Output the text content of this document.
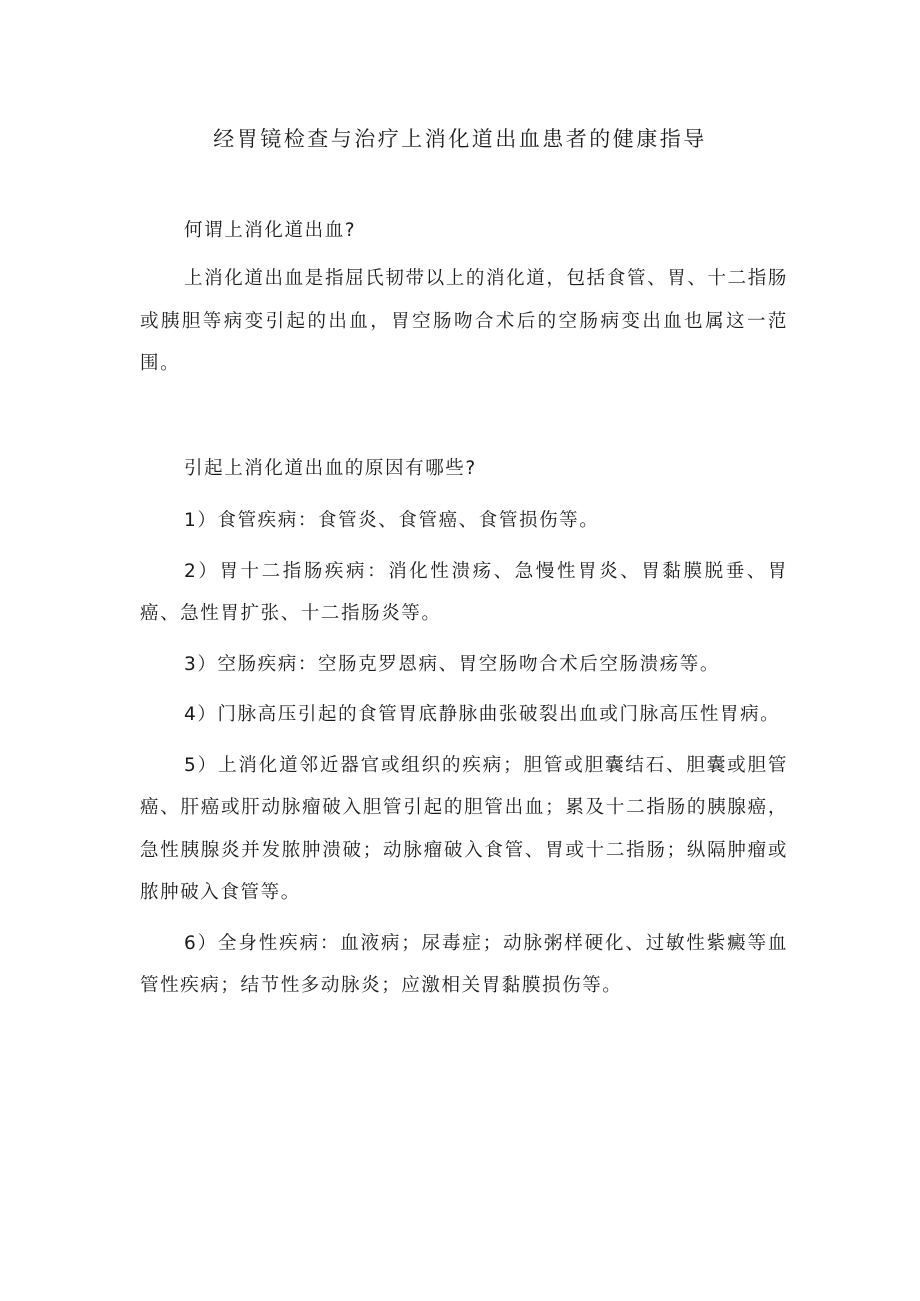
经胃镜检查与治疗上消化道出血患者的健康指导

何谓上消化道出血?

上消化道出血是指屈氏韧带以上的消化道，包括食管、胃、十二指肠或胰胆等病变引起的出血，胃空肠吻合术后的空肠病变出血也属这一范围。

引起上消化道出血的原因有哪些?

1）食管疾病：食管炎、食管癌、食管损伤等。

2）胃十二指肠疾病：消化性溃疡、急慢性胃炎、胃黏膜脱垂、胃癌、急性胃扩张、十二指肠炎等。

3）空肠疾病：空肠克罗恩病、胃空肠吻合术后空肠溃疡等。

4）门脉高压引起的食管胃底静脉曲张破裂出血或门脉高压性胃病。

5）上消化道邻近器官或组织的疾病；胆管或胆囊结石、胆囊或胆管癌、肝癌或肝动脉瘤破入胆管引起的胆管出血；累及十二指肠的胰腺癌，急性胰腺炎并发脓肿溃破；动脉瘤破入食管、胃或十二指肠；纵隔肿瘤或脓肿破入食管等。

6）全身性疾病：血液病；尿毒症；动脉粥样硬化、过敏性紫癜等血管性疾病；结节性多动脉炎；应激相关胃黏膜损伤等。
